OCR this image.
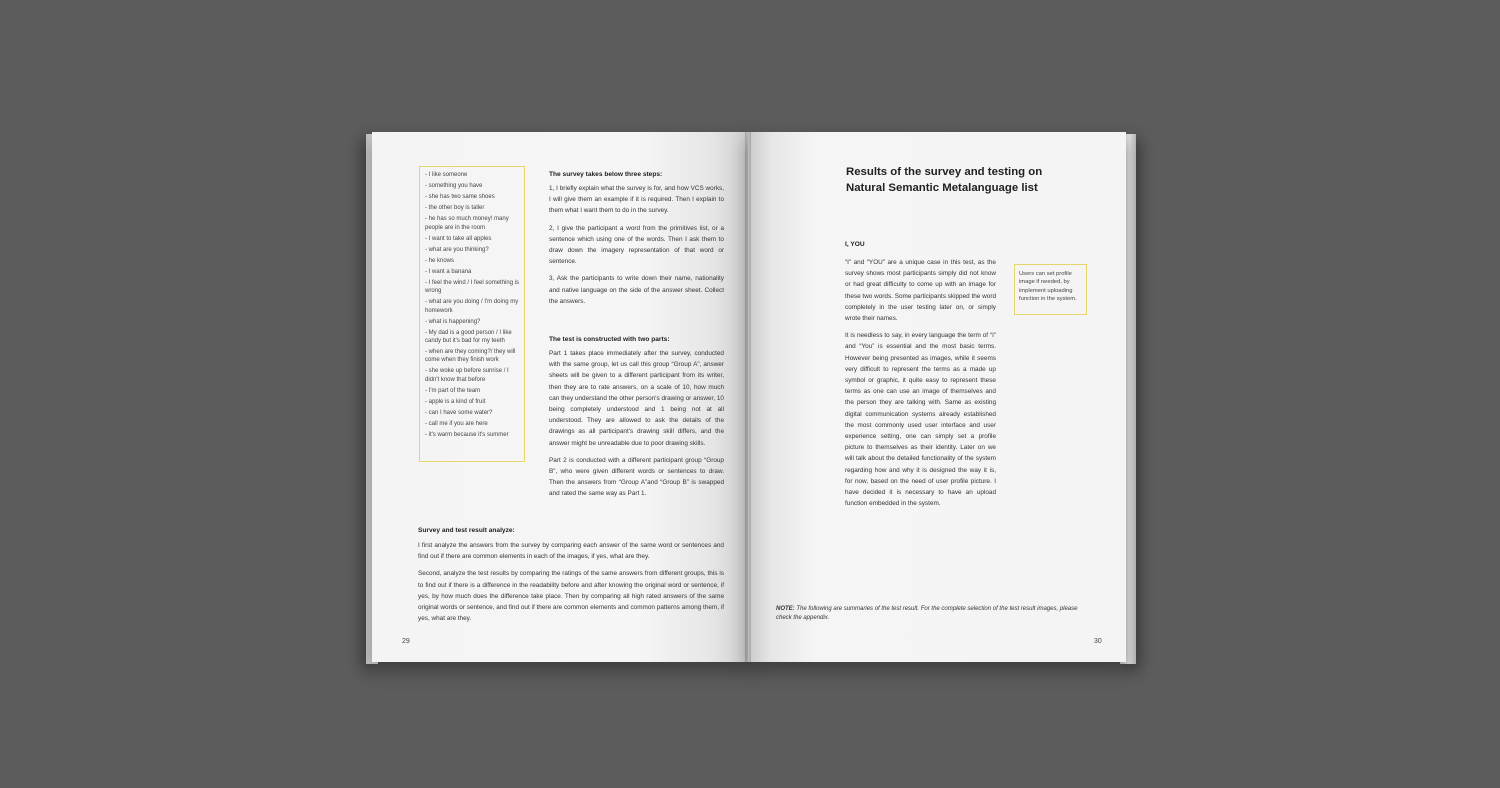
- I like someone
- something you have
- she has two same shoes
- the other boy is taller
- he has so much money! many people are in the room
- I want to take all apples
- what are you thinking?
- he knows
- I want a banana
- I feel the wind / I feel something is wrong
- what are you doing / I'm doing my homework
- what is happening?
- My dad is a good person / I like candy but it's bad for my teeth
- when are they coming?/ they will come when they finish work
- she woke up before sunrise / I didn't know that before
- I'm part of the team
- apple is a kind of fruit
- can I have some water?
- call me if you are here
- it's warm because it's summer
The survey takes below three steps:

1, I briefly explain what the survey is for, and how VCS works, I will give them an example if it is required. Then I explain to them what I want them to do in the survey.

2, I give the participant a word from the primitives list, or a sentence which using one of the words. Then I ask them to draw down the imagery representation of that word or sentence.

3, Ask the participants to write down their name, nationality and native language on the side of the answer sheet. Collect the answers.

The test is constructed with two parts:

Part 1 takes place immediately after the survey, conducted with the same group, let us call this group “Group A”, answer sheets will be given to a different participant from its writer, then they are to rate answers, on a scale of 10, how much can they understand the other person's drawing or answer, 10 being completely understood and 1 being not at all understood. They are allowed to ask the details of the drawings as all participant's drawing skill differs, and the answer might be unreadable due to poor drawing skills.

Part 2 is conducted with a different participant group “Group B”, who were given different words or sentences to draw. Then the answers from “Group A”and “Group B” is swapped and rated the same way as Part 1.

Survey and test result analyze:

I first analyze the answers from the survey by comparing each answer of the same word or sentences and find out if there are common elements in each of the images, if yes, what are they.

Second, analyze the test results by comparing the ratings of the same answers from different groups, this is to find out if there is a difference in the readability before and after knowing the original word or sentence, if yes, by how much does the difference take place. Then by comparing all high rated answers of the same original words or sentence, and find out if there are common elements and common patterns among them, if yes, what are they.

29
Results of the survey and testing on Natural Semantic Metalanguage list
I, YOU

“I” and “YOU” are a unique case in this test, as the survey shows most participants simply did not know or had great difficulty to come up with an image for these two words. Some participants skipped the word completely in the user testing later on, or simply wrote their names.

It is needless to say, in every language the term of “I” and “You” is essential and the most basic terms. However being presented as images, while it seems very difficult to represent the terms as a made up symbol or graphic, it quite easy to represent these terms as one can use an image of themselves and the person they are talking with. Same as existing digital communication systems already established the most commonly used user interface and user experience setting, one can simply set a profile picture to themselves as their identity. Later on we will talk about the detailed functionality of the system regarding how and why it is designed the way it is, for now, based on the need of user profile picture. I have decided it is necessary to have an upload function embedded in the system.

Users can set profile image if needed, by implement uploading function in the system.
NOTE: The following are summaries of the test result. For the complete selection of the test result images, please check the appendix.
30
